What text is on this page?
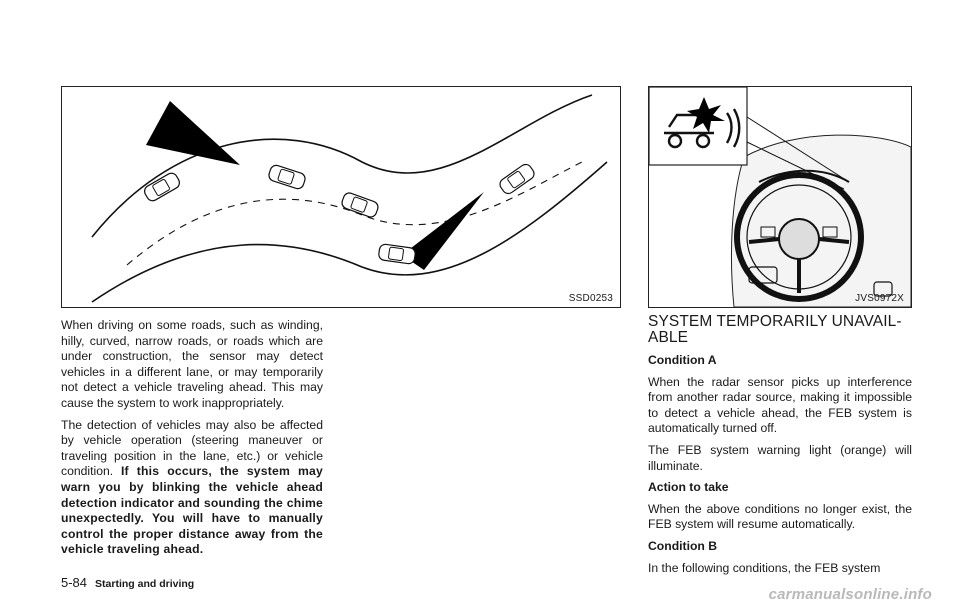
SSD0253	JVS0972X

When driving on some roads, such as winding, hilly, curved, narrow roads, or roads which are under construction, the sensor may detect vehicles in a different lane, or may temporarily not detect a vehicle traveling ahead. This may cause the system to work inappropriately.

The detection of vehicles may also be affected by vehicle operation (steering maneuver or traveling position in the lane, etc.) or vehicle condition. If this occurs, the system may warn you by blinking the vehicle ahead detection indicator and sounding the chime unexpectedly. You will have to manually control the proper distance away from the vehicle traveling ahead.

SYSTEM TEMPORARILY UNAVAIL-ABLE

Condition A

When the radar sensor picks up interference from another radar source, making it impossible to detect a vehicle ahead, the FEB system is automatically turned off.

The FEB system warning light (orange) will illuminate.

Action to take

When the above conditions no longer exist, the FEB system will resume automatically.

Condition B

In the following conditions, the FEB system

5-84 Starting and driving
carmanualsonline.info
